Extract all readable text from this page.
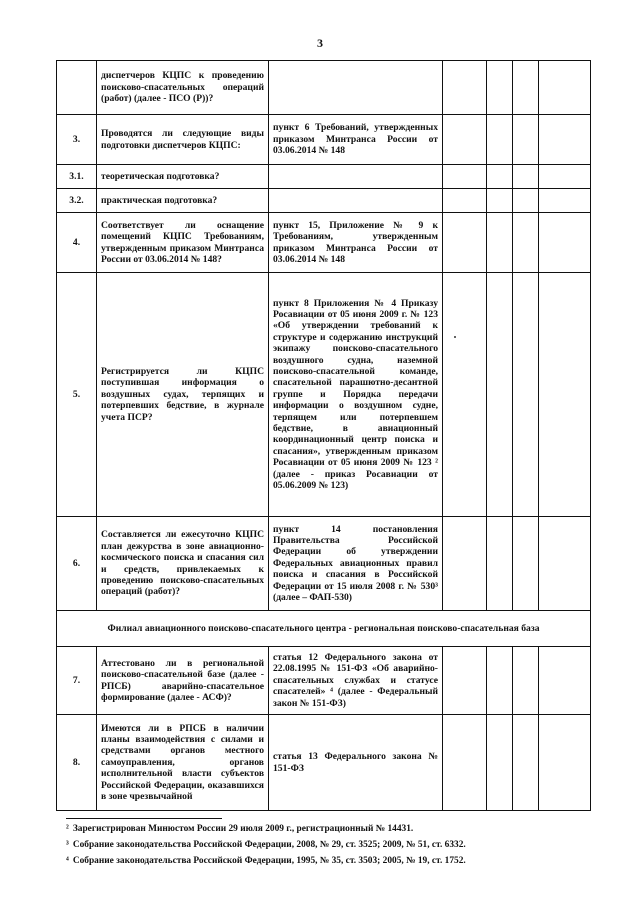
3
	диспетчеров КЦПС к проведению поисково-спасательных операций (работ) (далее - ПСО (Р))?					
3.	Проводятся ли следующие виды подготовки диспетчеров КЦПС:	пункт 6 Требований, утвержденных приказом Минтранса России от 03.06.2014 № 148				
3.1.	теоретическая подготовка?					
3.2.	практическая подготовка?					
4.	Соответствует ли оснащение помещений КЦПС Требованиям, утвержденным приказом Минтранса России от 03.06.2014 № 148?	пункт 15, Приложение № 9 к Требованиям, утвержденным приказом Минтранса России от 03.06.2014 № 148				
5.	Регистрируется ли КЦПС поступившая информация о воздушных судах, терпящих и потерпевших бедствие, в журнале учета ПСР?	пункт 8 Приложения № 4 Приказу Росавиации от 05 июня 2009 г. № 123 «Об утверждении требований к структуре и содержанию инструкций экипажу поисково-спасательного воздушного судна, наземной поисково-спасательной команде, спасательной парашютно-десантной группе и Порядка передачи информации о воздушном судне, терпящем или потерпевшем бедствие, в авиационный координационный центр поиска и спасания», утвержденным приказом Росавиации от 05 июня 2009 № 123 ² (далее - приказ Росавиации от 05.06.2009 № 123)				
6.	Составляется ли ежесуточно КЦПС план дежурства в зоне авиационно-космического поиска и спасания сил и средств, привлекаемых к проведению поисково-спасательных операций (работ)?	пункт 14 постановления Правительства Российской Федерации об утверждении Федеральных авиационных правил поиска и спасания в Российской Федерации от 15 июля 2008 г. № 530³ (далее – ФАП-530)				
Филиал авиационного поисково-спасательного центра - региональная поисково-спасательная база						
7.	Аттестовано ли в региональной поисково-спасательной базе (далее - РПСБ) аварийно-спасательное формирование (далее - АСФ)?	статья 12 Федерального закона от 22.08.1995 № 151-ФЗ «Об аварийно-спасательных службах и статусе спасателей» ⁴ (далее - Федеральный закон № 151-ФЗ)				
8.	Имеются ли в РПСБ в наличии планы взаимодействия с силами и средствами органов местного самоуправления, органов исполнительной власти субъектов Российской Федерации, оказавшихся в зоне чрезвычайной	статья 13 Федерального закона № 151-ФЗ				
² Зарегистрирован Минюстом России 29 июля 2009 г., регистрационный № 14431.
³ Собрание законодательства Российской Федерации, 2008, № 29, ст. 3525; 2009, № 51, ст. 6332.
⁴ Собрание законодательства Российской Федерации, 1995, № 35, ст. 3503; 2005, № 19, ст. 1752.
